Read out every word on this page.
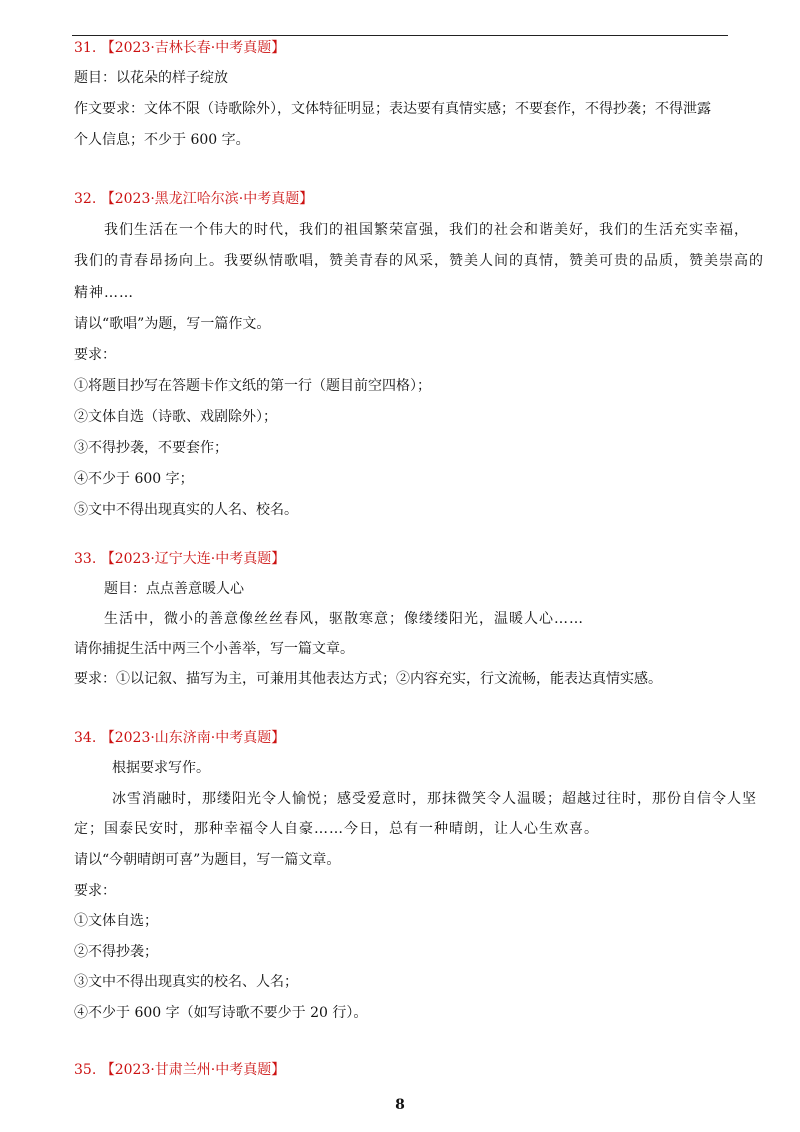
31. 【2023·吉林长春·中考真题】
题目：以花朵的样子绽放
作文要求：文体不限（诗歌除外），文体特征明显；表达要有真情实感；不要套作，不得抄袭；不得泄露
个人信息；不少于 600 字。
32. 【2023·黑龙江哈尔滨·中考真题】
我们生活在一个伟大的时代，我们的祖国繁荣富强，我们的社会和谐美好，我们的生活充实幸福，
我们的青春昂扬向上。我要纵情歌唱，赞美青春的风采，赞美人间的真情，赞美可贵的品质，赞美崇高的
精神……
请以“歌唱”为题，写一篇作文。
要求：
①将题目抄写在答题卡作文纸的第一行（题目前空四格）；
②文体自选（诗歌、戏剧除外）；
③不得抄袭，不要套作；
④不少于 600 字；
⑤文中不得出现真实的人名、校名。
33. 【2023·辽宁大连·中考真题】
题目：点点善意暖人心
生活中，微小的善意像丝丝春风，驱散寒意；像缕缕阳光，温暖人心……
请你捕捉生活中两三个小善举，写一篇文章。
要求：①以记叙、描写为主，可兼用其他表达方式；②内容充实，行文流畅，能表达真情实感。
34. 【2023·山东济南·中考真题】
根据要求写作。
冰雪消融时，那缕阳光令人愉悦；感受爱意时，那抹微笑令人温暖；超越过往时，那份自信令人坚
定；国泰民安时，那种幸福令人自豪……今日，总有一种晴朗，让人心生欢喜。
请以“今朝晴朗可喜”为题目，写一篇文章。
要求：
①文体自选；
②不得抄袭；
③文中不得出现真实的校名、人名；
④不少于 600 字（如写诗歌不要少于 20 行）。
35. 【2023·甘肃兰州·中考真题】
8
